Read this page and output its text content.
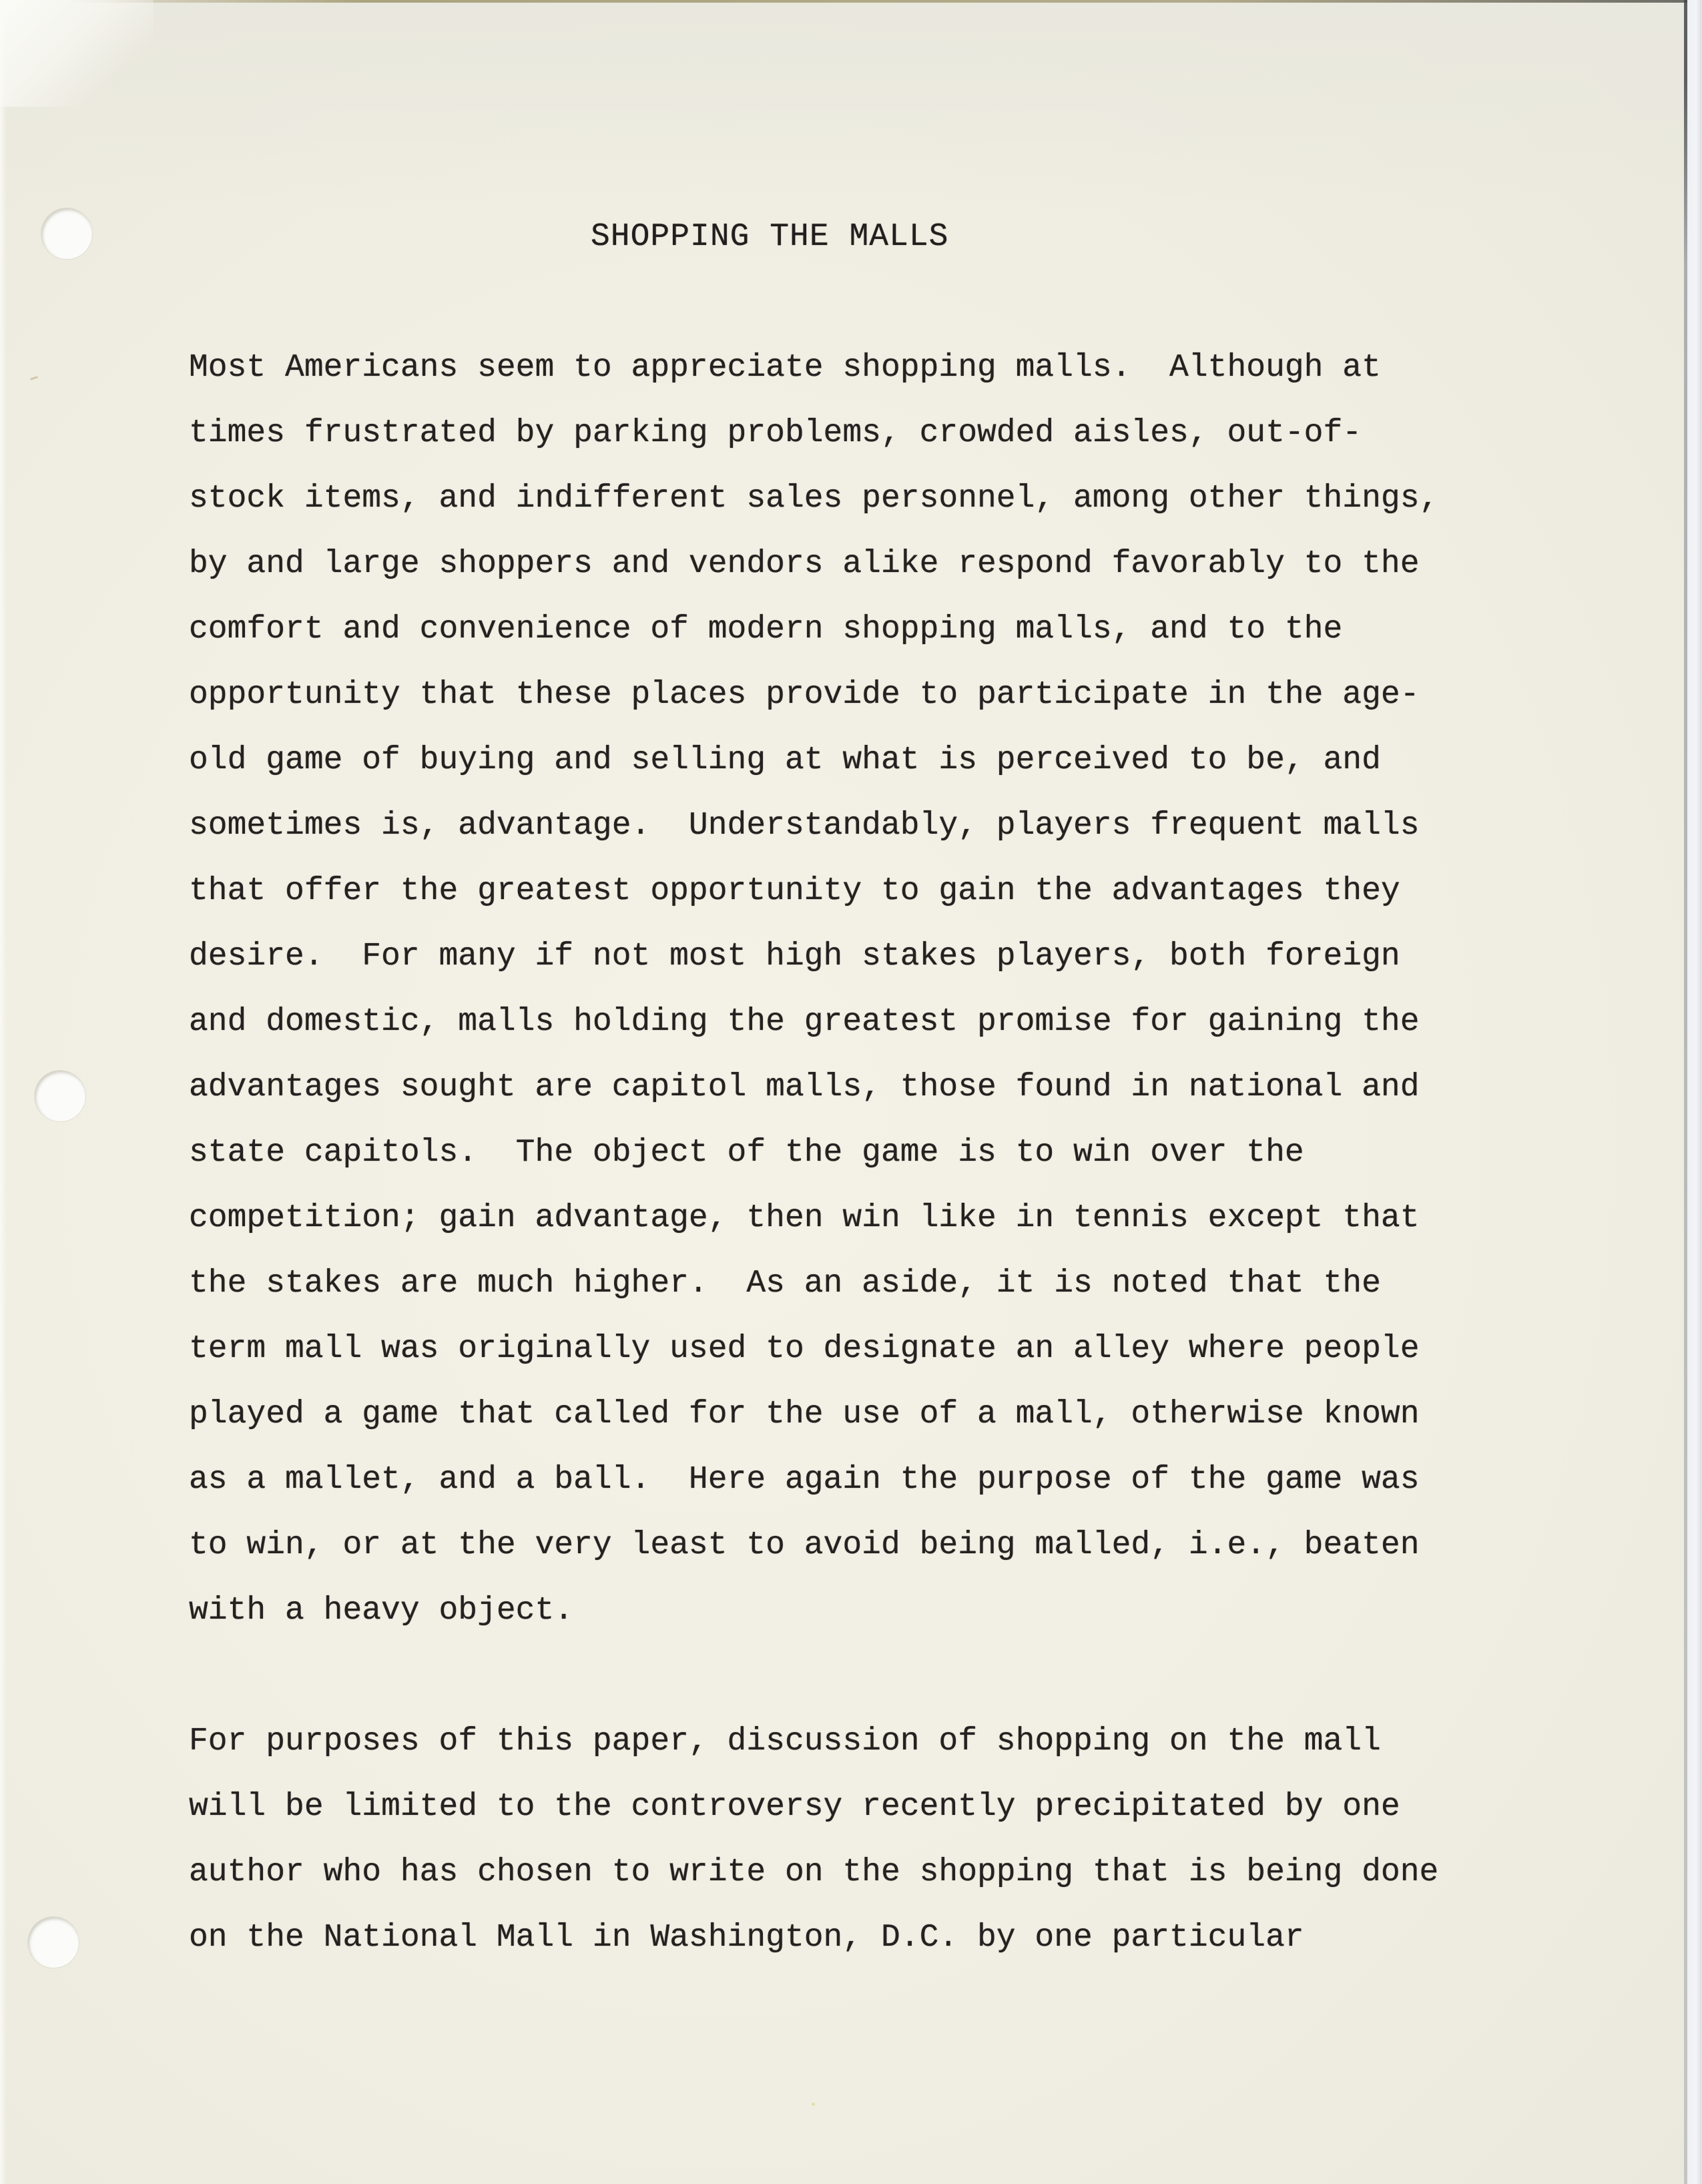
SHOPPING THE MALLS
Most Americans seem to appreciate shopping malls.  Although at
times frustrated by parking problems, crowded aisles, out-of-
stock items, and indifferent sales personnel, among other things,
by and large shoppers and vendors alike respond favorably to the
comfort and convenience of modern shopping malls, and to the
opportunity that these places provide to participate in the age-
old game of buying and selling at what is perceived to be, and
sometimes is, advantage.  Understandably, players frequent malls
that offer the greatest opportunity to gain the advantages they
desire.  For many if not most high stakes players, both foreign
and domestic, malls holding the greatest promise for gaining the
advantages sought are capitol malls, those found in national and
state capitols.  The object of the game is to win over the
competition; gain advantage, then win like in tennis except that
the stakes are much higher.  As an aside, it is noted that the
term mall was originally used to designate an alley where people
played a game that called for the use of a mall, otherwise known
as a mallet, and a ball.  Here again the purpose of the game was
to win, or at the very least to avoid being malled, i.e., beaten
with a heavy object.
For purposes of this paper, discussion of shopping on the mall
will be limited to the controversy recently precipitated by one
author who has chosen to write on the shopping that is being done
on the National Mall in Washington, D.C. by one particular
